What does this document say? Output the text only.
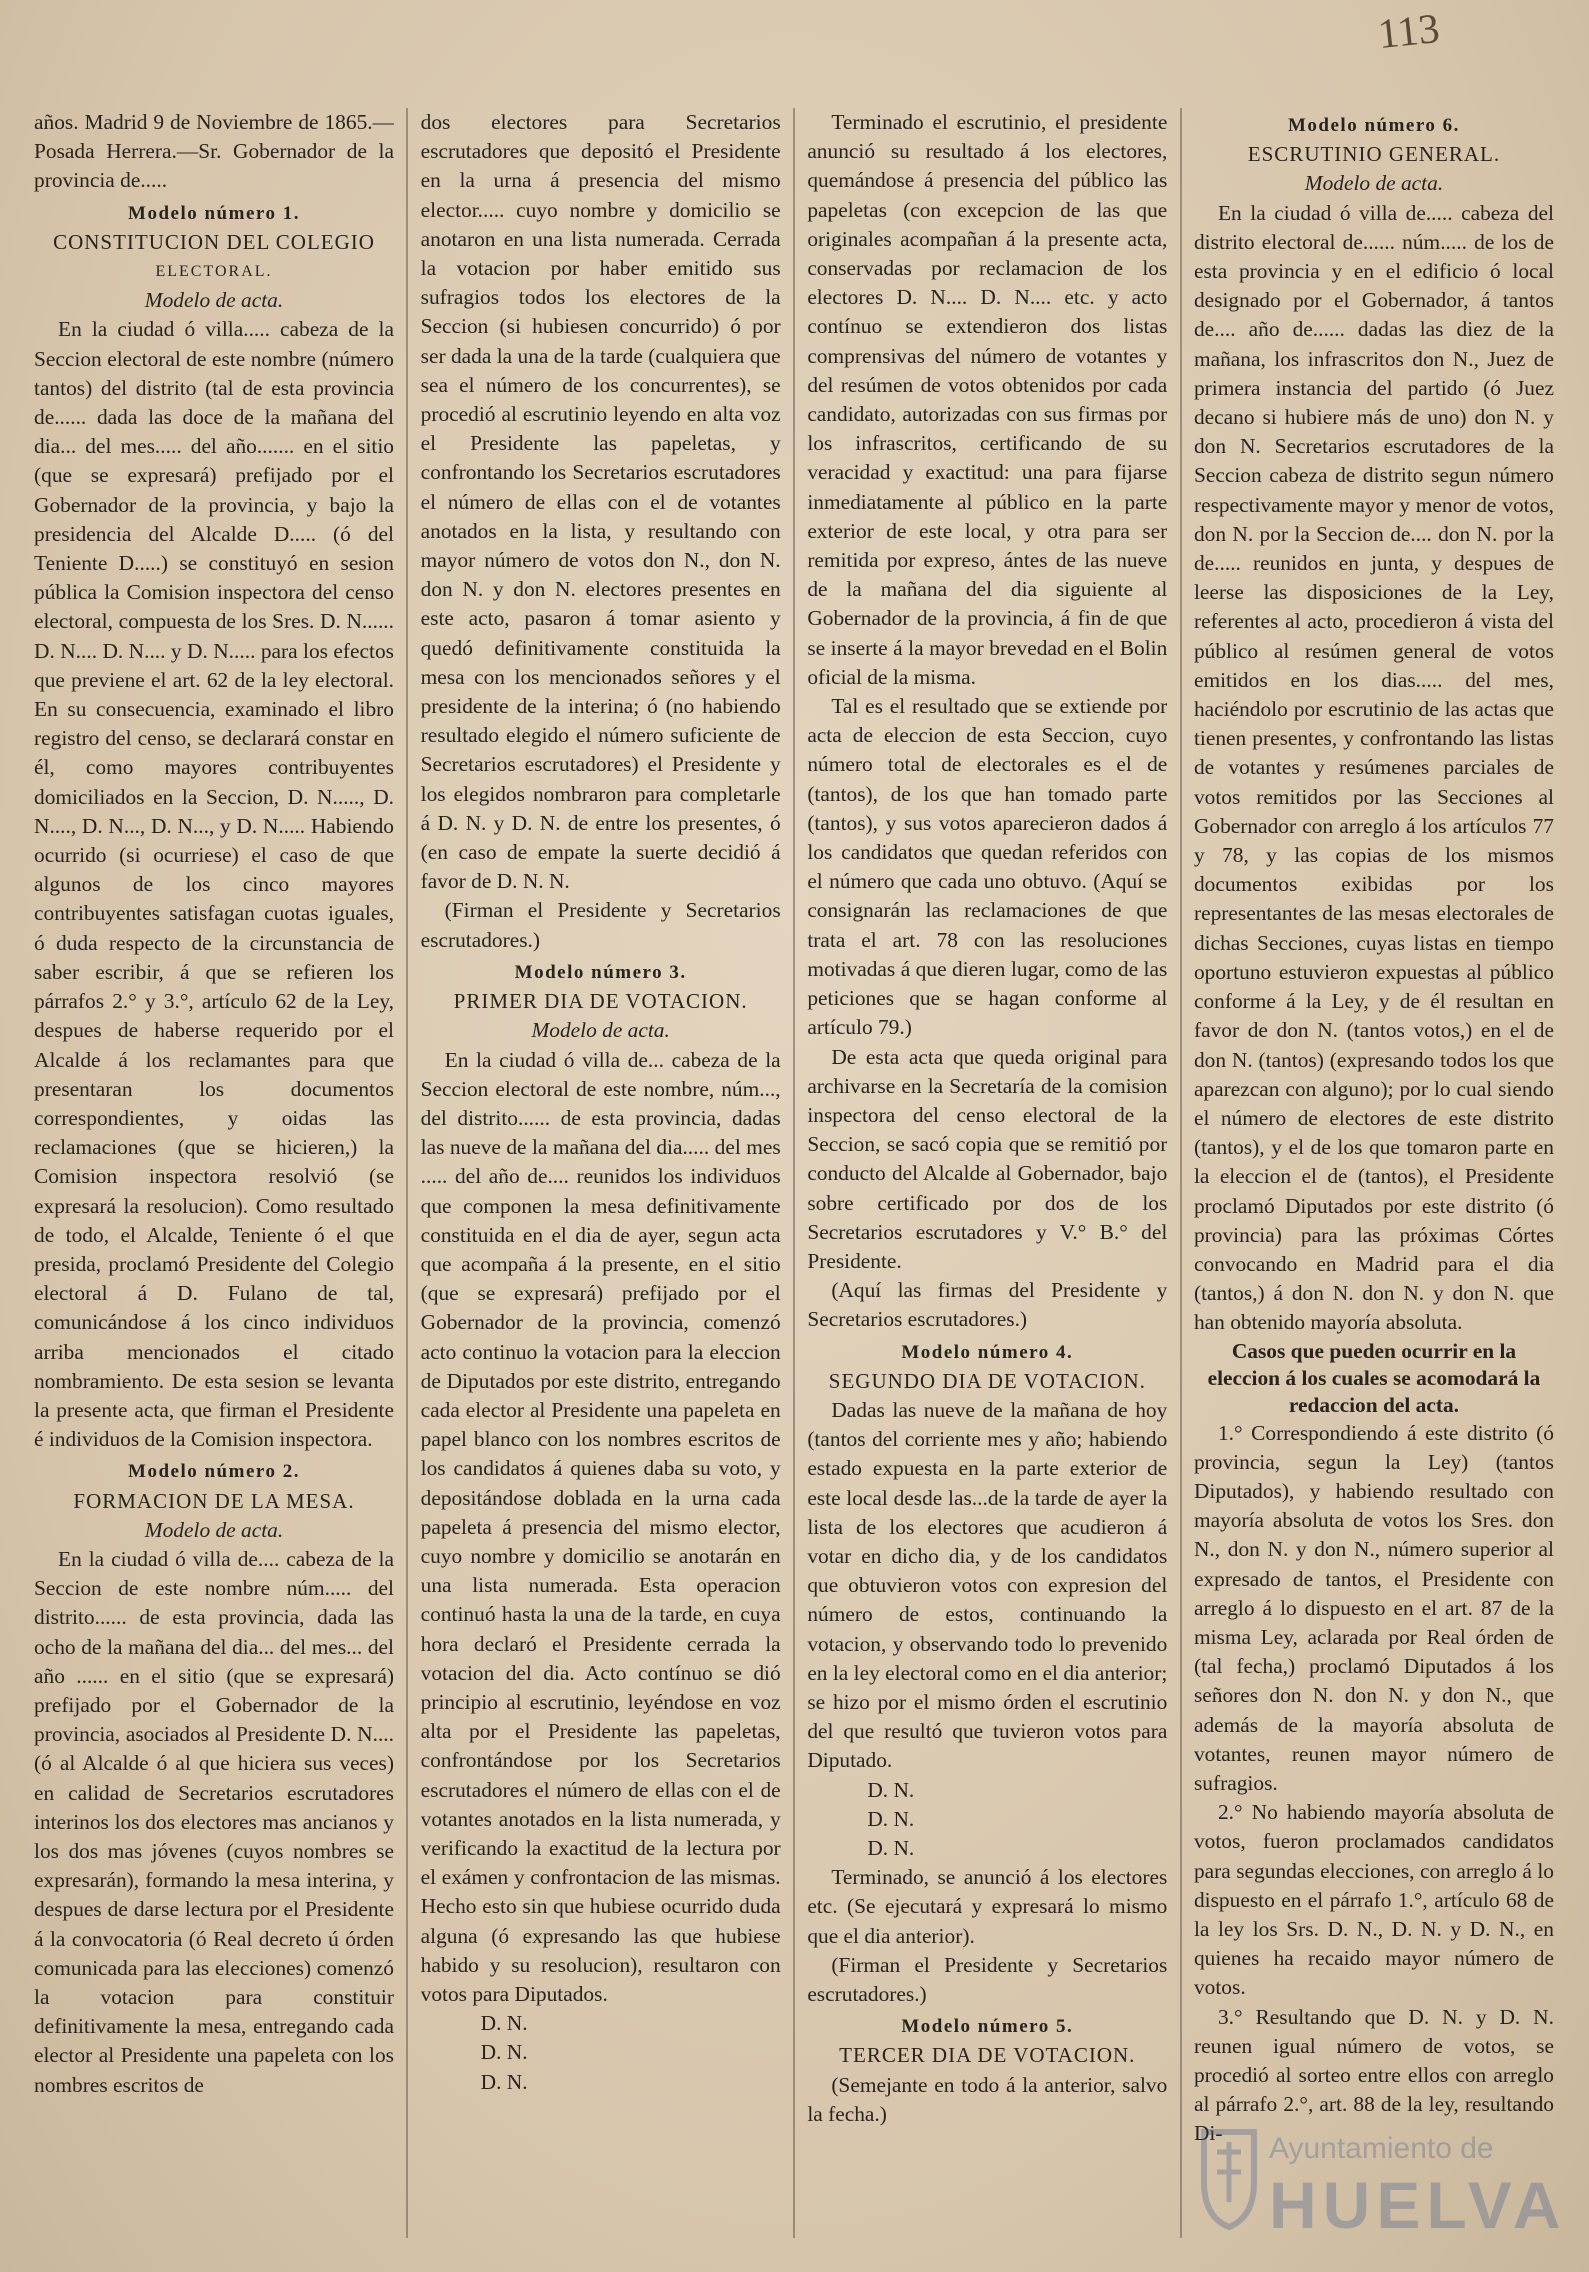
113

años. Madrid 9 de Noviembre de 1865.—Posada Herrera.—Sr. Gobernador de la provincia de.....

Modelo número 1.
CONSTITUCION DEL COLEGIO
ELECTORAL.
Modelo de acta.

En la ciudad ó villa..... cabeza de la Seccion electoral de este nombre (número tantos) del distrito (tal de esta provincia de...... dada las doce de la mañana del dia... del mes..... del año....... en el sitio (que se expresará) prefijado por el Gobernador de la provincia, y bajo la presidencia del Alcalde D..... (ó del Teniente D.....) se constituyó en sesion pública la Comision inspectora del censo electoral, compuesta de los Sres. D. N...... D. N.... D. N.... y D. N..... para los efectos que previene el art. 62 de la ley electoral. En su consecuencia, examinado el libro registro del censo, se declarará constar en él, como mayores contribuyentes domiciliados en la Seccion, D. N....., D. N...., D. N..., D. N..., y D. N..... Habiendo ocurrido (si ocurriese) el caso de que algunos de los cinco mayores contribuyentes satisfagan cuotas iguales, ó duda respecto de la circunstancia de saber escribir, á que se refieren los párrafos 2.° y 3.°, artículo 62 de la Ley, despues de haberse requerido por el Alcalde á los reclamantes para que presentaran los documentos correspondientes, y oidas las reclamaciones (que se hicieren,) la Comision inspectora resolvió (se expresará la resolucion). Como resultado de todo, el Alcalde, Teniente ó el que presida, proclamó Presidente del Colegio electoral á D. Fulano de tal, comunicándose á los cinco individuos arriba mencionados el citado nombramiento. De esta sesion se levanta la presente acta, que firman el Presidente é individuos de la Comision inspectora.

Modelo número 2.
FORMACION DE LA MESA.
Modelo de acta.

En la ciudad ó villa de.... cabeza de la Seccion de este nombre núm..... del distrito...... de esta provincia, dada las ocho de la mañana del dia... del mes... del año ...... en el sitio (que se expresará) prefijado por el Gobernador de la provincia, asociados al Presidente D. N.... (ó al Alcalde ó al que hiciera sus veces) en calidad de Secretarios escrutadores interinos los dos electores mas ancianos y los dos mas jóvenes (cuyos nombres se expresarán), formando la mesa interina, y despues de darse lectura por el Presidente á la convocatoria (ó Real decreto ú órden comunicada para las elecciones) comenzó la votacion para constituir definitivamente la mesa, entregando cada elector al Presidente una papeleta con los nombres escritos de

dos electores para Secretarios escrutadores que depositó el Presidente en la urna á presencia del mismo elector..... cuyo nombre y domicilio se anotaron en una lista numerada. Cerrada la votacion por haber emitido sus sufragios todos los electores de la Seccion (si hubiesen concurrido) ó por ser dada la una de la tarde (cualquiera que sea el número de los concurrentes), se procedió al escrutinio leyendo en alta voz el Presidente las papeletas, y confrontando los Secretarios escrutadores el número de ellas con el de votantes anotados en la lista, y resultando con mayor número de votos don N., don N. don N. y don N. electores presentes en este acto, pasaron á tomar asiento y quedó definitivamente constituida la mesa con los mencionados señores y el presidente de la interina; ó (no habiendo resultado elegido el número suficiente de Secretarios escrutadores) el Presidente y los elegidos nombraron para completarle á D. N. y D. N. de entre los presentes, ó (en caso de empate la suerte decidió á favor de D. N. N.

(Firman el Presidente y Secretarios escrutadores.)

Modelo número 3.
PRIMER DIA DE VOTACION.
Modelo de acta.

En la ciudad ó villa de... cabeza de la Seccion electoral de este nombre, núm..., del distrito...... de esta provincia, dadas las nueve de la mañana del dia..... del mes ..... del año de.... reunidos los individuos que componen la mesa definitivamente constituida en el dia de ayer, segun acta que acompaña á la presente, en el sitio (que se expresará) prefijado por el Gobernador de la provincia, comenzó acto continuo la votacion para la eleccion de Diputados por este distrito, entregando cada elector al Presidente una papeleta en papel blanco con los nombres escritos de los candidatos á quienes daba su voto, y depositándose doblada en la urna cada papeleta á presencia del mismo elector, cuyo nombre y domicilio se anotarán en una lista numerada. Esta operacion continuó hasta la una de la tarde, en cuya hora declaró el Presidente cerrada la votacion del dia. Acto contínuo se dió principio al escrutinio, leyéndose en voz alta por el Presidente las papeletas, confrontándose por los Secretarios escrutadores el número de ellas con el de votantes anotados en la lista numerada, y verificando la exactitud de la lectura por el exámen y confrontacion de las mismas. Hecho esto sin que hubiese ocurrido duda alguna (ó expresando las que hubiese habido y su resolucion), resultaron con votos para Diputados.

D. N.
D. N.
D. N.

Terminado el escrutinio, el presidente anunció su resultado á los electores, quemándose á presencia del público las papeletas (con excepcion de las que originales acompañan á la presente acta, conservadas por reclamacion de los electores D. N.... D. N.... etc. y acto contínuo se extendieron dos listas comprensivas del número de votantes y del resúmen de votos obtenidos por cada candidato, autorizadas con sus firmas por los infrascritos, certificando de su veracidad y exactitud: una para fijarse inmediatamente al público en la parte exterior de este local, y otra para ser remitida por expreso, ántes de las nueve de la mañana del dia siguiente al Gobernador de la provincia, á fin de que se inserte á la mayor brevedad en el Bolin oficial de la misma.

Tal es el resultado que se extiende por acta de eleccion de esta Seccion, cuyo número total de electorales es el de (tantos), de los que han tomado parte (tantos), y sus votos aparecieron dados á los candidatos que quedan referidos con el número que cada uno obtuvo. (Aquí se consignarán las reclamaciones de que trata el art. 78 con las resoluciones motivadas á que dieren lugar, como de las peticiones que se hagan conforme al artículo 79.)

De esta acta que queda original para archivarse en la Secretaría de la comision inspectora del censo electoral de la Seccion, se sacó copia que se remitió por conducto del Alcalde al Gobernador, bajo sobre certificado por dos de los Secretarios escrutadores y V.° B.° del Presidente.

(Aquí las firmas del Presidente y Secretarios escrutadores.)

Modelo número 4.
SEGUNDO DIA DE VOTACION.

Dadas las nueve de la mañana de hoy (tantos del corriente mes y año; habiendo estado expuesta en la parte exterior de este local desde las...de la tarde de ayer la lista de los electores que acudieron á votar en dicho dia, y de los candidatos que obtuvieron votos con expresion del número de estos, continuando la votacion, y observando todo lo prevenido en la ley electoral como en el dia anterior; se hizo por el mismo órden el escrutinio del que resultó que tuvieron votos para Diputado.

D. N.
D. N.
D. N.

Terminado, se anunció á los electores etc. (Se ejecutará y expresará lo mismo que el dia anterior).

(Firman el Presidente y Secretarios escrutadores.)

Modelo número 5.
TERCER DIA DE VOTACION.

(Semejante en todo á la anterior, salvo la fecha.)

Modelo número 6.
ESCRUTINIO GENERAL.
Modelo de acta.

En la ciudad ó villa de..... cabeza del distrito electoral de...... núm..... de los de esta provincia y en el edificio ó local designado por el Gobernador, á tantos de.... año de...... dadas las diez de la mañana, los infrascritos don N., Juez de primera instancia del partido (ó Juez decano si hubiere más de uno) don N. y don N. Secretarios escrutadores de la Seccion cabeza de distrito segun número respectivamente mayor y menor de votos, don N. por la Seccion de.... don N. por la de..... reunidos en junta, y despues de leerse las disposiciones de la Ley, referentes al acto, procedieron á vista del público al resúmen general de votos emitidos en los dias..... del mes, haciéndolo por escrutinio de las actas que tienen presentes, y confrontando las listas de votantes y resúmenes parciales de votos remitidos por las Secciones al Gobernador con arreglo á los artículos 77 y 78, y las copias de los mismos documentos exibidas por los representantes de las mesas electorales de dichas Secciones, cuyas listas en tiempo oportuno estuvieron expuestas al público conforme á la Ley, y de él resultan en favor de don N. (tantos votos,) en el de don N. (tantos) (expresando todos los que aparezcan con alguno); por lo cual siendo el número de electores de este distrito (tantos), y el de los que tomaron parte en la eleccion el de (tantos), el Presidente proclamó Diputados por este distrito (ó provincia) para las próximas Córtes convocando en Madrid para el dia (tantos,) á don N. don N. y don N. que han obtenido mayoría absoluta.

Casos que pueden ocurrir en la eleccion á los cuales se acomodará la redaccion del acta.

1.° Correspondiendo á este distrito (ó provincia, segun la Ley) (tantos Diputados), y habiendo resultado con mayoría absoluta de votos los Sres. don N., don N. y don N., número superior al expresado de tantos, el Presidente con arreglo á lo dispuesto en el art. 87 de la misma Ley, aclarada por Real órden de (tal fecha,) proclamó Diputados á los señores don N. don N. y don N., que además de la mayoría absoluta de votantes, reunen mayor número de sufragios.

2.° No habiendo mayoría absoluta de votos, fueron proclamados candidatos para segundas elecciones, con arreglo á lo dispuesto en el párrafo 1.°, artículo 68 de la ley los Srs. D. N., D. N. y D. N., en quienes ha recaido mayor número de votos.

3.° Resultando que D. N. y D. N. reunen igual número de votos, se procedió al sorteo entre ellos con arreglo al párrafo 2.°, art. 88 de la ley, resultando Di-	Ayuntamiento de
HUELVA
